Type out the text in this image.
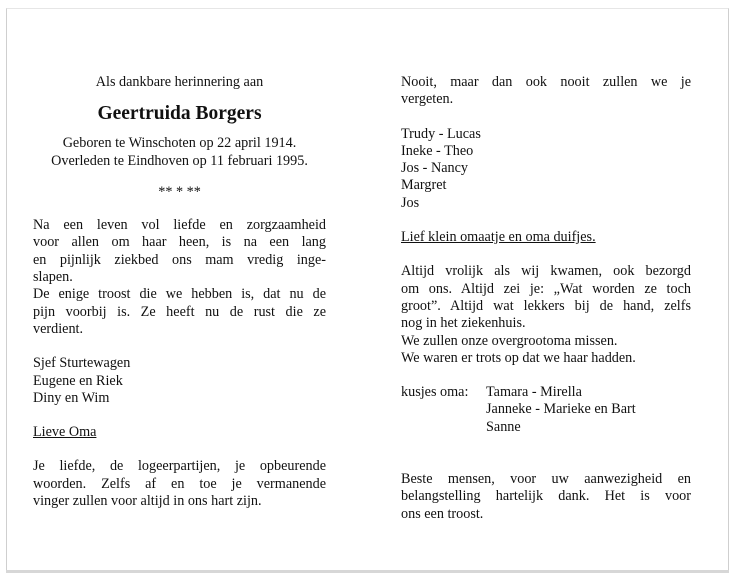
Als dankbare herinnering aan
Geertruida Borgers
Geboren te Winschoten op 22 april 1914.
Overleden te Eindhoven op 11 februari 1995.
** * **
Na een leven vol liefde en zorgzaamheid
voor allen om haar heen, is na een lang
en pijnlijk ziekbed ons mam vredig inge-
slapen.
De enige troost die we hebben is, dat nu de
pijn voorbij is. Ze heeft nu de rust die ze
verdient.
Sjef Sturtewagen
Eugene en Riek
Diny en Wim
Lieve Oma
Je liefde, de logeerpartijen, je opbeurende
woorden. Zelfs af en toe je vermanende
vinger zullen voor altijd in ons hart zijn.
Nooit, maar dan ook nooit zullen we je
vergeten.
Trudy - Lucas
Ineke - Theo
Jos - Nancy
Margret
Jos
Lief klein omaatje en oma duifjes.
Altijd vrolijk als wij kwamen, ook bezorgd
om ons. Altijd zei je: „Wat worden ze toch
groot”. Altijd wat lekkers bij de hand, zelfs
nog in het ziekenhuis.
We zullen onze overgrootoma missen.
We waren er trots op dat we haar hadden.
kusjes oma:	Tamara - Mirella
Janneke - Marieke en Bart
Sanne
Beste mensen, voor uw aanwezigheid en
belangstelling hartelijk dank. Het is voor
ons een troost.
